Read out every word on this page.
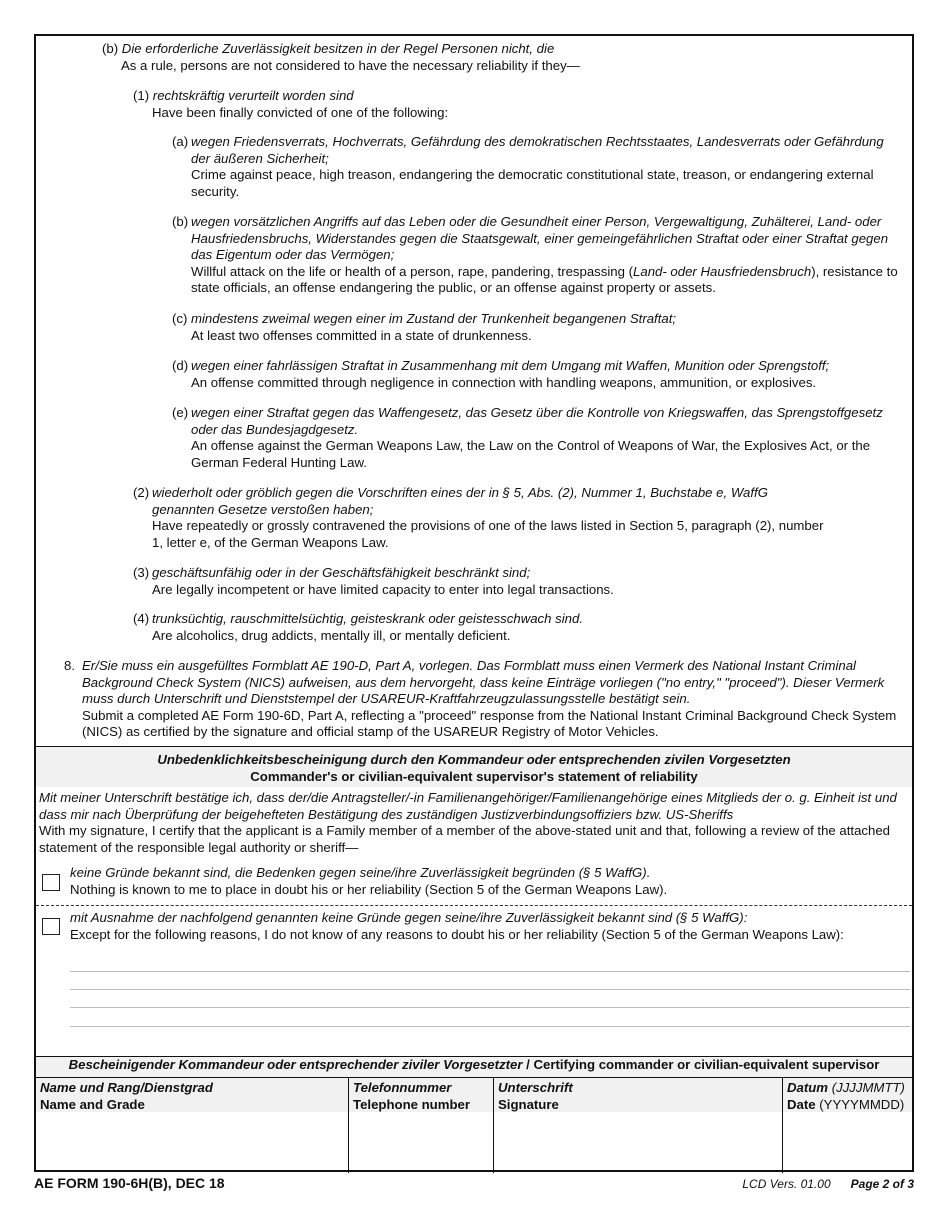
(b) Die erforderliche Zuverlässigkeit besitzen in der Regel Personen nicht, die
As a rule, persons are not considered to have the necessary reliability if they—
(1) rechtskräftig verurteilt worden sind
Have been finally convicted of one of the following:
(a) wegen Friedensverrats, Hochverrats, Gefährdung des demokratischen Rechtsstaates, Landesverrats oder Gefährdung der äußeren Sicherheit;
Crime against peace, high treason, endangering the democratic constitutional state, treason, or endangering external security.
(b) wegen vorsätzlichen Angriffs auf das Leben oder die Gesundheit einer Person, Vergewaltigung, Zuhälterei, Land- oder Hausfriedensbruchs, Widerstandes gegen die Staatsgewalt, einer gemeingefährlichen Straftat oder einer Straftat gegen das Eigentum oder das Vermögen;
Willful attack on the life or health of a person, rape, pandering, trespassing (Land- oder Hausfriedensbruch), resistance to state officials, an offense endangering the public, or an offense against property or assets.
(c) mindestens zweimal wegen einer im Zustand der Trunkenheit begangenen Straftat;
At least two offenses committed in a state of drunkenness.
(d) wegen einer fahrlässigen Straftat in Zusammenhang mit dem Umgang mit Waffen, Munition oder Sprengstoff;
An offense committed through negligence in connection with handling weapons, ammunition, or explosives.
(e) wegen einer Straftat gegen das Waffengesetz, das Gesetz über die Kontrolle von Kriegswaffen, das Sprengstoffgesetz oder das Bundesjagdgesetz.
An offense against the German Weapons Law, the Law on the Control of Weapons of War, the Explosives Act, or the German Federal Hunting Law.
(2) wiederholt oder gröblich gegen die Vorschriften eines der in § 5, Abs. (2), Nummer 1, Buchstabe e, WaffG genannten Gesetze verstoßen haben;
Have repeatedly or grossly contravened the provisions of one of the laws listed in Section 5, paragraph (2), number 1, letter e, of the German Weapons Law.
(3) geschäftsunfähig oder in der Geschäftsfähigkeit beschränkt sind;
Are legally incompetent or have limited capacity to enter into legal transactions.
(4) trunksüchtig, rauschmittelsüchtig, geisteskrank oder geistesschwach sind.
Are alcoholics, drug addicts, mentally ill, or mentally deficient.
8. Er/Sie muss ein ausgefülltes Formblatt AE 190-D, Part A, vorlegen. Das Formblatt muss einen Vermerk des National Instant Criminal Background Check System (NICS) aufweisen, aus dem hervorgeht, dass keine Einträge vorliegen ("no entry," "proceed"). Dieser Vermerk muss durch Unterschrift und Dienststempel der USAREUR-Kraftfahrzeugzulassungsstelle bestätigt sein.
Submit a completed AE Form 190-6D, Part A, reflecting a "proceed" response from the National Instant Criminal Background Check System (NICS) as certified by the signature and official stamp of the USAREUR Registry of Motor Vehicles.
Unbedenklichkeitsbescheinigung durch den Kommandeur oder entsprechenden zivilen Vorgesetzten
Commander's or civilian-equivalent supervisor's statement of reliability
Mit meiner Unterschrift bestätige ich, dass der/die Antragsteller/-in Familienangehöriger/Familienangehörige eines Mitglieds der o. g. Einheit ist und dass mir nach Überprüfung der beigehefteten Bestätigung des zuständigen Justizverbindungsoffiziers bzw. US-Sheriffs
With my signature, I certify that the applicant is a Family member of a member of the above-stated unit and that, following a review of the attached statement of the responsible legal authority or sheriff—
keine Gründe bekannt sind, die Bedenken gegen seine/ihre Zuverlässigkeit begründen (§ 5 WaffG).
Nothing is known to me to place in doubt his or her reliability (Section 5 of the German Weapons Law).
mit Ausnahme der nachfolgend genannten keine Gründe gegen seine/ihre Zuverlässigkeit bekannt sind (§ 5 WaffG):
Except for the following reasons, I do not know of any reasons to doubt his or her reliability (Section 5 of the German Weapons Law):
Bescheinigender Kommandeur oder entsprechender ziviler Vorgesetzter / Certifying commander or civilian-equivalent supervisor
Name und Rang/Dienstgrad
Name and Grade
Telefonnummer
Telephone number
Unterschrift
Signature
Datum (JJJJMMTT)
Date (YYYYMMDD)
AE FORM 190-6H(B), DEC 18	LCD Vers. 01.00 Page 2 of 3
